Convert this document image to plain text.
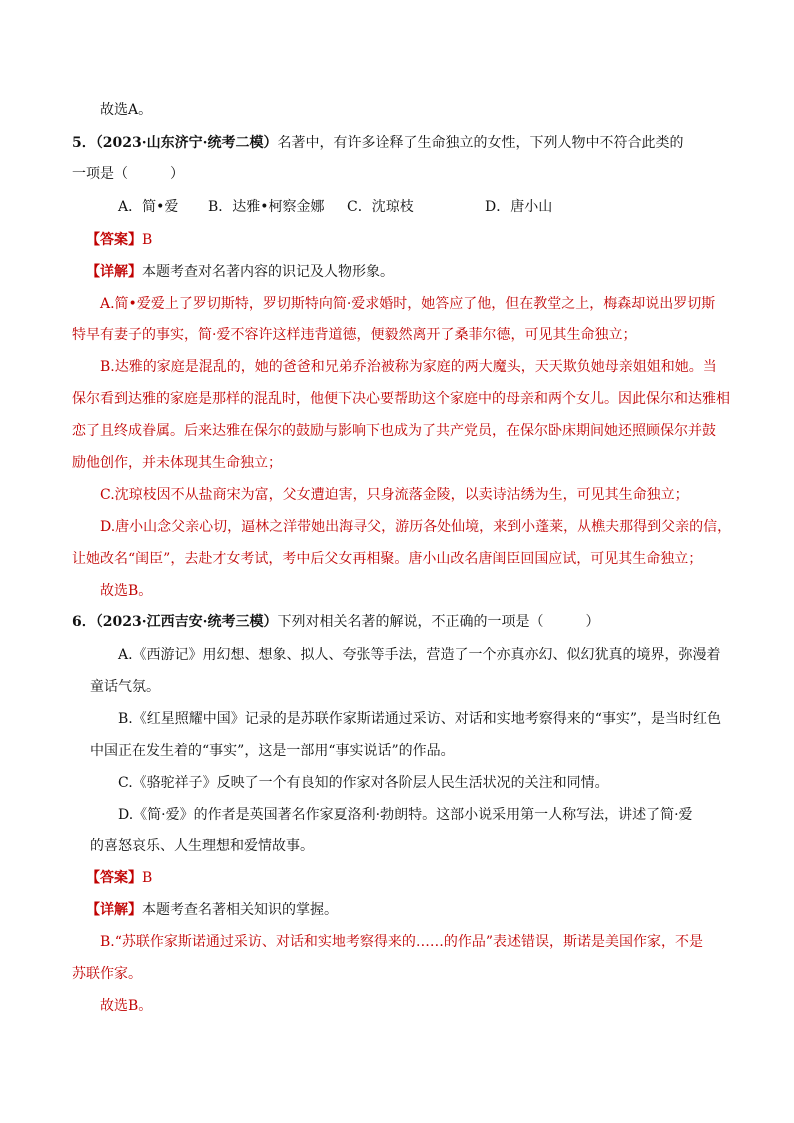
故选A。
5．（2023·山东济宁·统考二模）名著中，有许多诠释了生命独立的女性，下列人物中不符合此类的
一项是（　　　）
A．简•爱 B．达雅•柯察金娜 C．沈琼枝	D．唐小山
【答案】B
【详解】本题考查对名著内容的识记及人物形象。
A.简•爱爱上了罗切斯特，罗切斯特向简·爱求婚时，她答应了他，但在教堂之上，梅森却说出罗切斯
特早有妻子的事实，简·爱不容许这样违背道德，便毅然离开了桑菲尔德，可见其生命独立；
B.达雅的家庭是混乱的，她的爸爸和兄弟乔治被称为家庭的两大魔头，天天欺负她母亲姐姐和她。当
保尔看到达雅的家庭是那样的混乱时，他便下决心要帮助这个家庭中的母亲和两个女儿。因此保尔和达雅相
恋了且终成眷属。后来达雅在保尔的鼓励与影响下也成为了共产党员，在保尔卧床期间她还照顾保尔并鼓
励他创作，并未体现其生命独立；
C.沈琼枝因不从盐商宋为富，父女遭迫害，只身流落金陵，以卖诗沽绣为生，可见其生命独立；
D.唐小山念父亲心切，逼林之洋带她出海寻父，游历各处仙境，来到小蓬莱，从樵夫那得到父亲的信，
让她改名“闺臣”，去赴才女考试，考中后父女再相聚。唐小山改名唐闺臣回国应试，可见其生命独立；
故选B。
6．（2023·江西吉安·统考三模）下列对相关名著的解说，不正确的一项是（　　　）
A.《西游记》用幻想、想象、拟人、夸张等手法，营造了一个亦真亦幻、似幻犹真的境界，弥漫着
童话气氛。
B.《红星照耀中国》记录的是苏联作家斯诺通过采访、对话和实地考察得来的“事实”，是当时红色
中国正在发生着的“事实”，这是一部用“事实说话”的作品。
C.《骆驼祥子》反映了一个有良知的作家对各阶层人民生活状况的关注和同情。
D.《简·爱》的作者是英国著名作家夏洛利·勃朗特。这部小说采用第一人称写法，讲述了简·爱
的喜怒哀乐、人生理想和爱情故事。
【答案】B
【详解】本题考查名著相关知识的掌握。
B.“苏联作家斯诺通过采访、对话和实地考察得来的……的作品”表述错误，斯诺是美国作家，不是
苏联作家。
故选B。
